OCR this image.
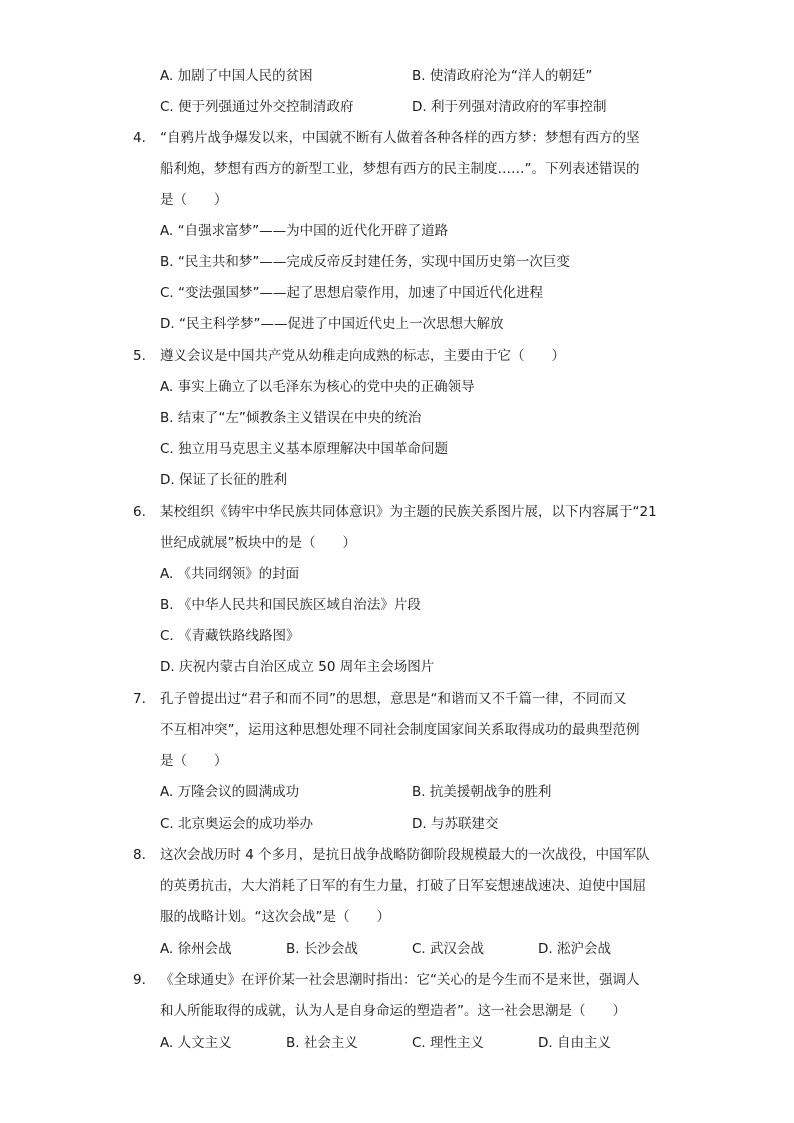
A. 加剧了中国人民的贫困	B. 使清政府沦为“洋人的朝廷”
C. 便于列强通过外交控制清政府	D. 利于列强对清政府的军事控制
4. “自鸦片战争爆发以来，中国就不断有人做着各种各样的西方梦：梦想有西方的坚
船利炮，梦想有西方的新型工业，梦想有西方的民主制度……”。下列表述错误的
是（　　）
A. “自强求富梦”——为中国的近代化开辟了道路
B. “民主共和梦”——完成反帝反封建任务，实现中国历史第一次巨变
C. “变法强国梦”——起了思想启蒙作用，加速了中国近代化进程
D. “民主科学梦”——促进了中国近代史上一次思想大解放
5. 遵义会议是中国共产党从幼稚走向成熟的标志，主要由于它（　　）
A. 事实上确立了以毛泽东为核心的党中央的正确领导
B. 结束了“左”倾教条主义错误在中央的统治
C. 独立用马克思主义基本原理解决中国革命问题
D. 保证了长征的胜利
6. 某校组织《铸牢中华民族共同体意识》为主题的民族关系图片展，以下内容属于“21
世纪成就展”板块中的是（　　）
A. 《共同纲领》的封面
B. 《中华人民共和国民族区域自治法》片段
C. 《青藏铁路线路图》
D. 庆祝内蒙古自治区成立 50 周年主会场图片
7. 孔子曾提出过“君子和而不同”的思想，意思是“和谐而又不千篇一律，不同而又
不互相冲突”，运用这种思想处理不同社会制度国家间关系取得成功的最典型范例
是（　　）
A. 万隆会议的圆满成功	B. 抗美援朝战争的胜利
C. 北京奥运会的成功举办	D. 与苏联建交
8. 这次会战历时 4 个多月，是抗日战争战略防御阶段规模最大的一次战役，中国军队
的英勇抗击，大大消耗了日军的有生力量，打破了日军妄想速战速决、迫使中国屈
服的战略计划。“这次会战”是（　　）
A. 徐州会战	B. 长沙会战	C. 武汉会战	D. 淞沪会战
9. 《全球通史》在评价某一社会思潮时指出：它“关心的是今生而不是来世，强调人
和人所能取得的成就，认为人是自身命运的塑造者”。这一社会思潮是（　　）
A. 人文主义	B. 社会主义	C. 理性主义	D. 自由主义
